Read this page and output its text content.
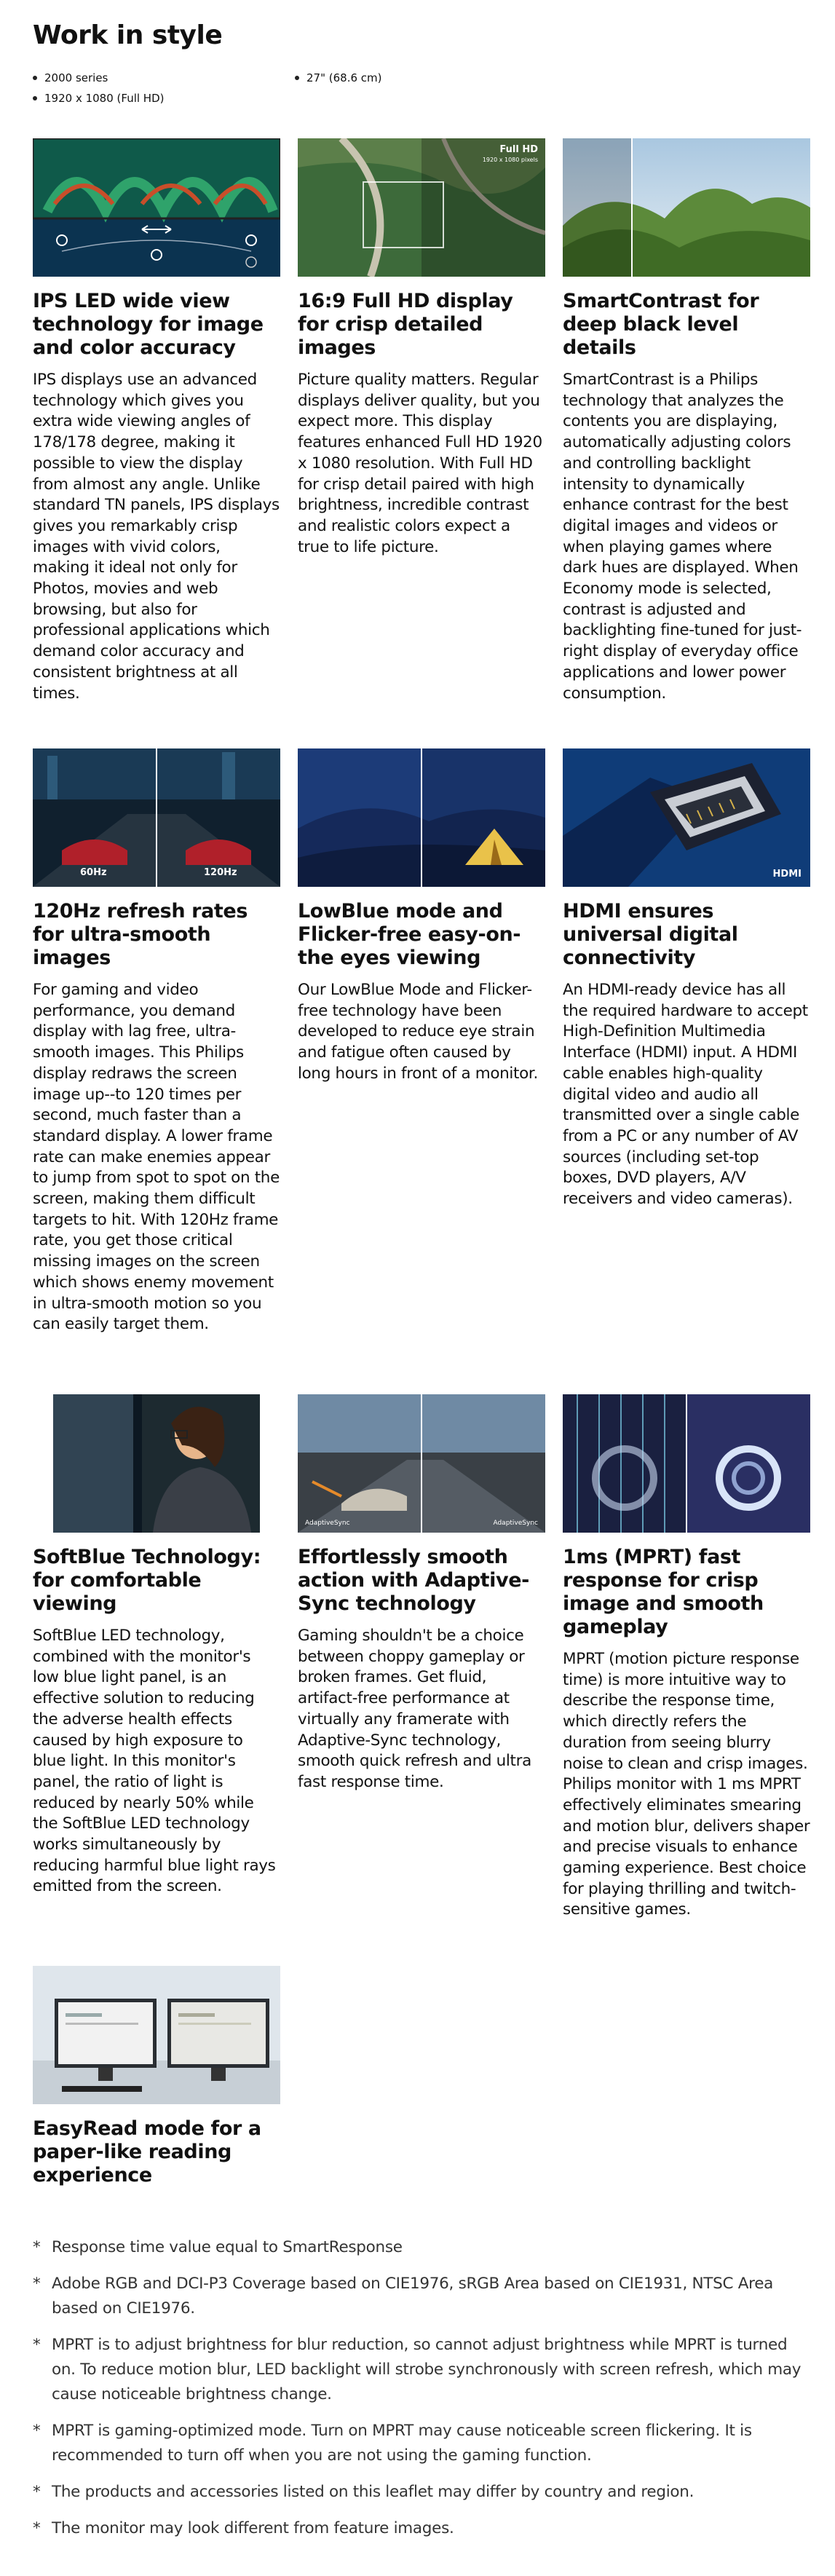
Work in style
2000 series	27" (68.6 cm)
1920 x 1080 (Full HD)
IPS LED wide view technology for image and color accuracy

IPS displays use an advanced technology which gives you extra wide viewing angles of 178/178 degree, making it possible to view the display from almost any angle. Unlike standard TN panels, IPS displays gives you remarkably crisp images with vivid colors, making it ideal not only for Photos, movies and web browsing, but also for professional applications which demand color accuracy and consistent brightness at all times.

Full HD
1920 x 1080 pixels
16:9 Full HD display for crisp detailed images

Picture quality matters. Regular displays deliver quality, but you expect more. This display features enhanced Full HD 1920 x 1080 resolution. With Full HD for crisp detail paired with high brightness, incredible contrast and realistic colors expect a true to life picture.

SmartContrast for deep black level details

SmartContrast is a Philips technology that analyzes the contents you are displaying, automatically adjusting colors and controlling backlight intensity to dynamically enhance contrast for the best digital images and videos or when playing games where dark hues are displayed. When Economy mode is selected, contrast is adjusted and backlighting fine-tuned for just-right display of everyday office applications and lower power consumption.

60Hz	120Hz
120Hz refresh rates for ultra-smooth images

For gaming and video performance, you demand display with lag free, ultra-smooth images. This Philips display redraws the screen image up--to 120 times per second, much faster than a standard display. A lower frame rate can make enemies appear to jump from spot to spot on the screen, making them difficult targets to hit. With 120Hz frame rate, you get those critical missing images on the screen which shows enemy movement in ultra-smooth motion so you can easily target them.

LowBlue mode and Flicker-free easy-on-the eyes viewing

Our LowBlue Mode and Flicker-free technology have been developed to reduce eye strain and fatigue often caused by long hours in front of a monitor.

HDMI
HDMI ensures universal digital connectivity

An HDMI-ready device has all the required hardware to accept High-Definition Multimedia Interface (HDMI) input. A HDMI cable enables high-quality digital video and audio all transmitted over a single cable from a PC or any number of AV sources (including set-top boxes, DVD players, A/V receivers and video cameras).

SoftBlue Technology: for comfortable viewing

SoftBlue LED technology, combined with the monitor's low blue light panel, is an effective solution to reducing the adverse health effects caused by high exposure to blue light. In this monitor's panel, the ratio of light is reduced by nearly 50% while the SoftBlue LED technology works simultaneously by reducing harmful blue light rays emitted from the screen.

AdaptiveSync	AdaptiveSync
Effortlessly smooth action with Adaptive-Sync technology

Gaming shouldn't be a choice between choppy gameplay or broken frames. Get fluid, artifact-free performance at virtually any framerate with Adaptive-Sync technology, smooth quick refresh and ultra fast response time.

1ms (MPRT) fast response for crisp image and smooth gameplay

MPRT (motion picture response time) is more intuitive way to describe the response time, which directly refers the duration from seeing blurry noise to clean and crisp images. Philips monitor with 1 ms MPRT effectively eliminates smearing and motion blur, delivers shaper and precise visuals to enhance gaming experience. Best choice for playing thrilling and twitch-sensitive games.

EasyRead mode for a paper-like reading experience
* Response time value equal to SmartResponse
* Adobe RGB and DCI-P3 Coverage based on CIE1976, sRGB Area based on CIE1931, NTSC Area based on CIE1976.
* MPRT is to adjust brightness for blur reduction, so cannot adjust brightness while MPRT is turned on. To reduce motion blur, LED backlight will strobe synchronously with screen refresh, which may cause noticeable brightness change.
* MPRT is gaming-optimized mode. Turn on MPRT may cause noticeable screen flickering. It is recommended to turn off when you are not using the gaming function.
* The products and accessories listed on this leaflet may differ by country and region.
* The monitor may look different from feature images.
